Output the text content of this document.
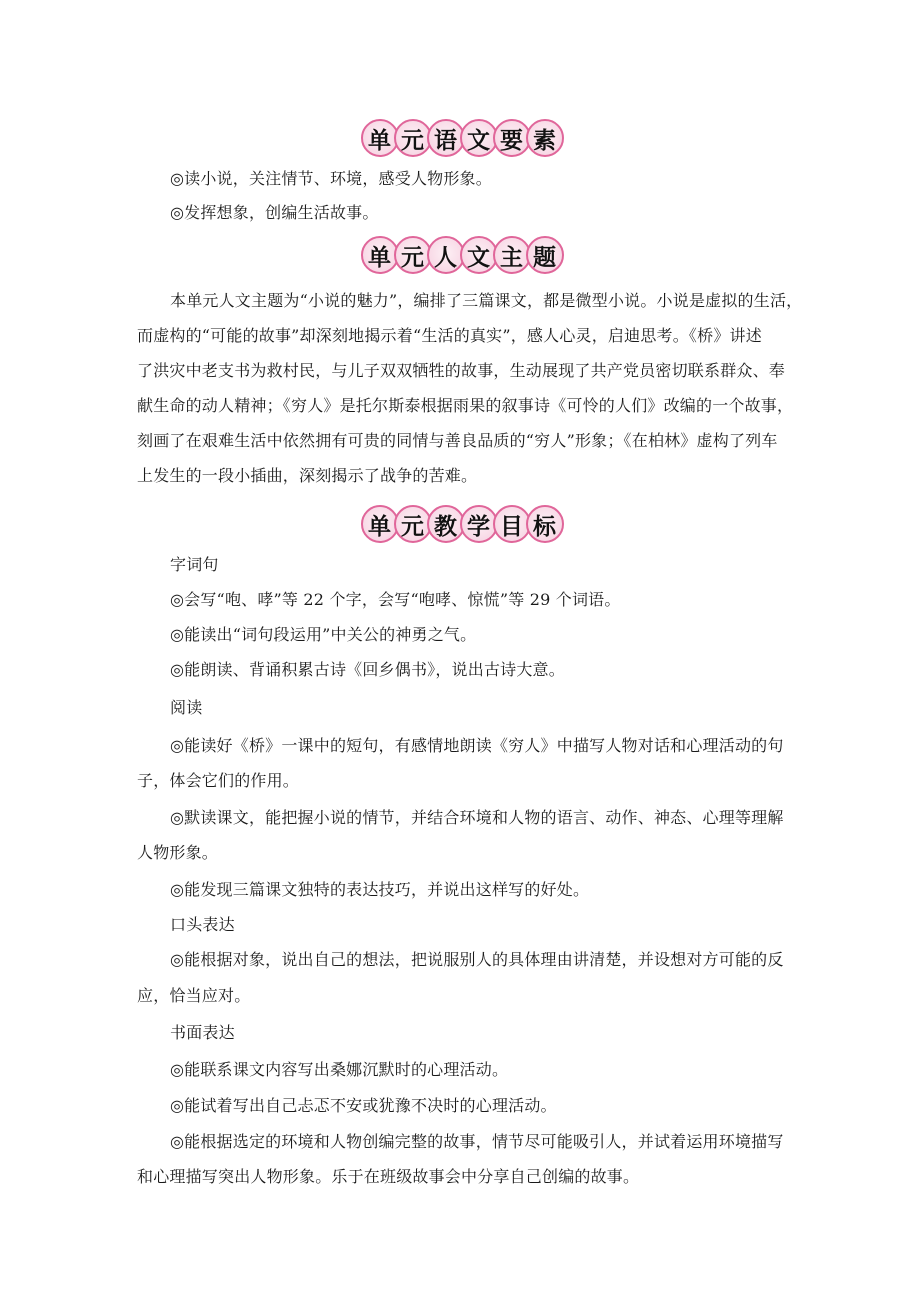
单 元 语 文 要 素
◎读小说，关注情节、环境，感受人物形象。
◎发挥想象，创编生活故事。
单 元 人 文 主 题
本单元人文主题为“小说的魅力”，编排了三篇课文，都是微型小说。小说是虚拟的生活，
而虚构的“可能的故事”却深刻地揭示着“生活的真实”，感人心灵，启迪思考。《桥》讲述
了洪灾中老支书为救村民，与儿子双双牺牲的故事，生动展现了共产党员密切联系群众、奉
献生命的动人精神；《穷人》是托尔斯泰根据雨果的叙事诗《可怜的人们》改编的一个故事，
刻画了在艰难生活中依然拥有可贵的同情与善良品质的“穷人”形象；《在柏林》虚构了列车
上发生的一段小插曲，深刻揭示了战争的苦难。
单 元 教 学 目 标
字词句
◎会写“咆、哮”等 22 个字，会写“咆哮、惊慌”等 29 个词语。
◎能读出“词句段运用”中关公的神勇之气。
◎能朗读、背诵积累古诗《回乡偶书》，说出古诗大意。
阅读
◎能读好《桥》一课中的短句，有感情地朗读《穷人》中描写人物对话和心理活动的句
子，体会它们的作用。
◎默读课文，能把握小说的情节，并结合环境和人物的语言、动作、神态、心理等理解
人物形象。
◎能发现三篇课文独特的表达技巧，并说出这样写的好处。
口头表达
◎能根据对象，说出自己的想法，把说服别人的具体理由讲清楚，并设想对方可能的反
应，恰当应对。
书面表达
◎能联系课文内容写出桑娜沉默时的心理活动。
◎能试着写出自己忐忑不安或犹豫不决时的心理活动。
◎能根据选定的环境和人物创编完整的故事，情节尽可能吸引人，并试着运用环境描写
和心理描写突出人物形象。乐于在班级故事会中分享自己创编的故事。
